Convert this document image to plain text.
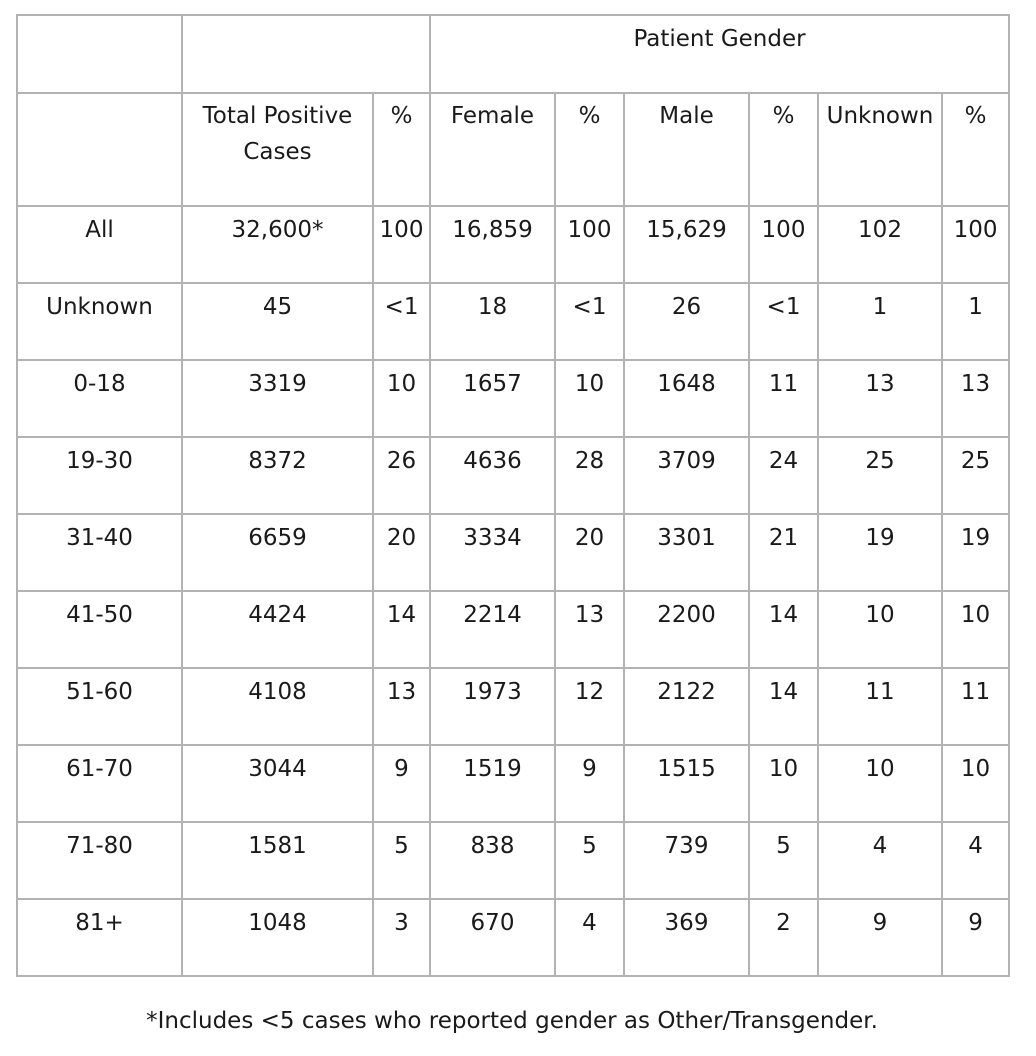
			Patient Gender					
	Total Positive Cases	%	Female	%	Male	%	Unknown	%
All	32,600*	100	16,859	100	15,629	100	102	100
Unknown	45	<1	18	<1	26	<1	1	1
0-18	3319	10	1657	10	1648	11	13	13
19-30	8372	26	4636	28	3709	24	25	25
31-40	6659	20	3334	20	3301	21	19	19
41-50	4424	14	2214	13	2200	14	10	10
51-60	4108	13	1973	12	2122	14	11	11
61-70	3044	9	1519	9	1515	10	10	10
71-80	1581	5	838	5	739	5	4	4
81+	1048	3	670	4	369	2	9	9
*Includes <5 cases who reported gender as Other/Transgender.
